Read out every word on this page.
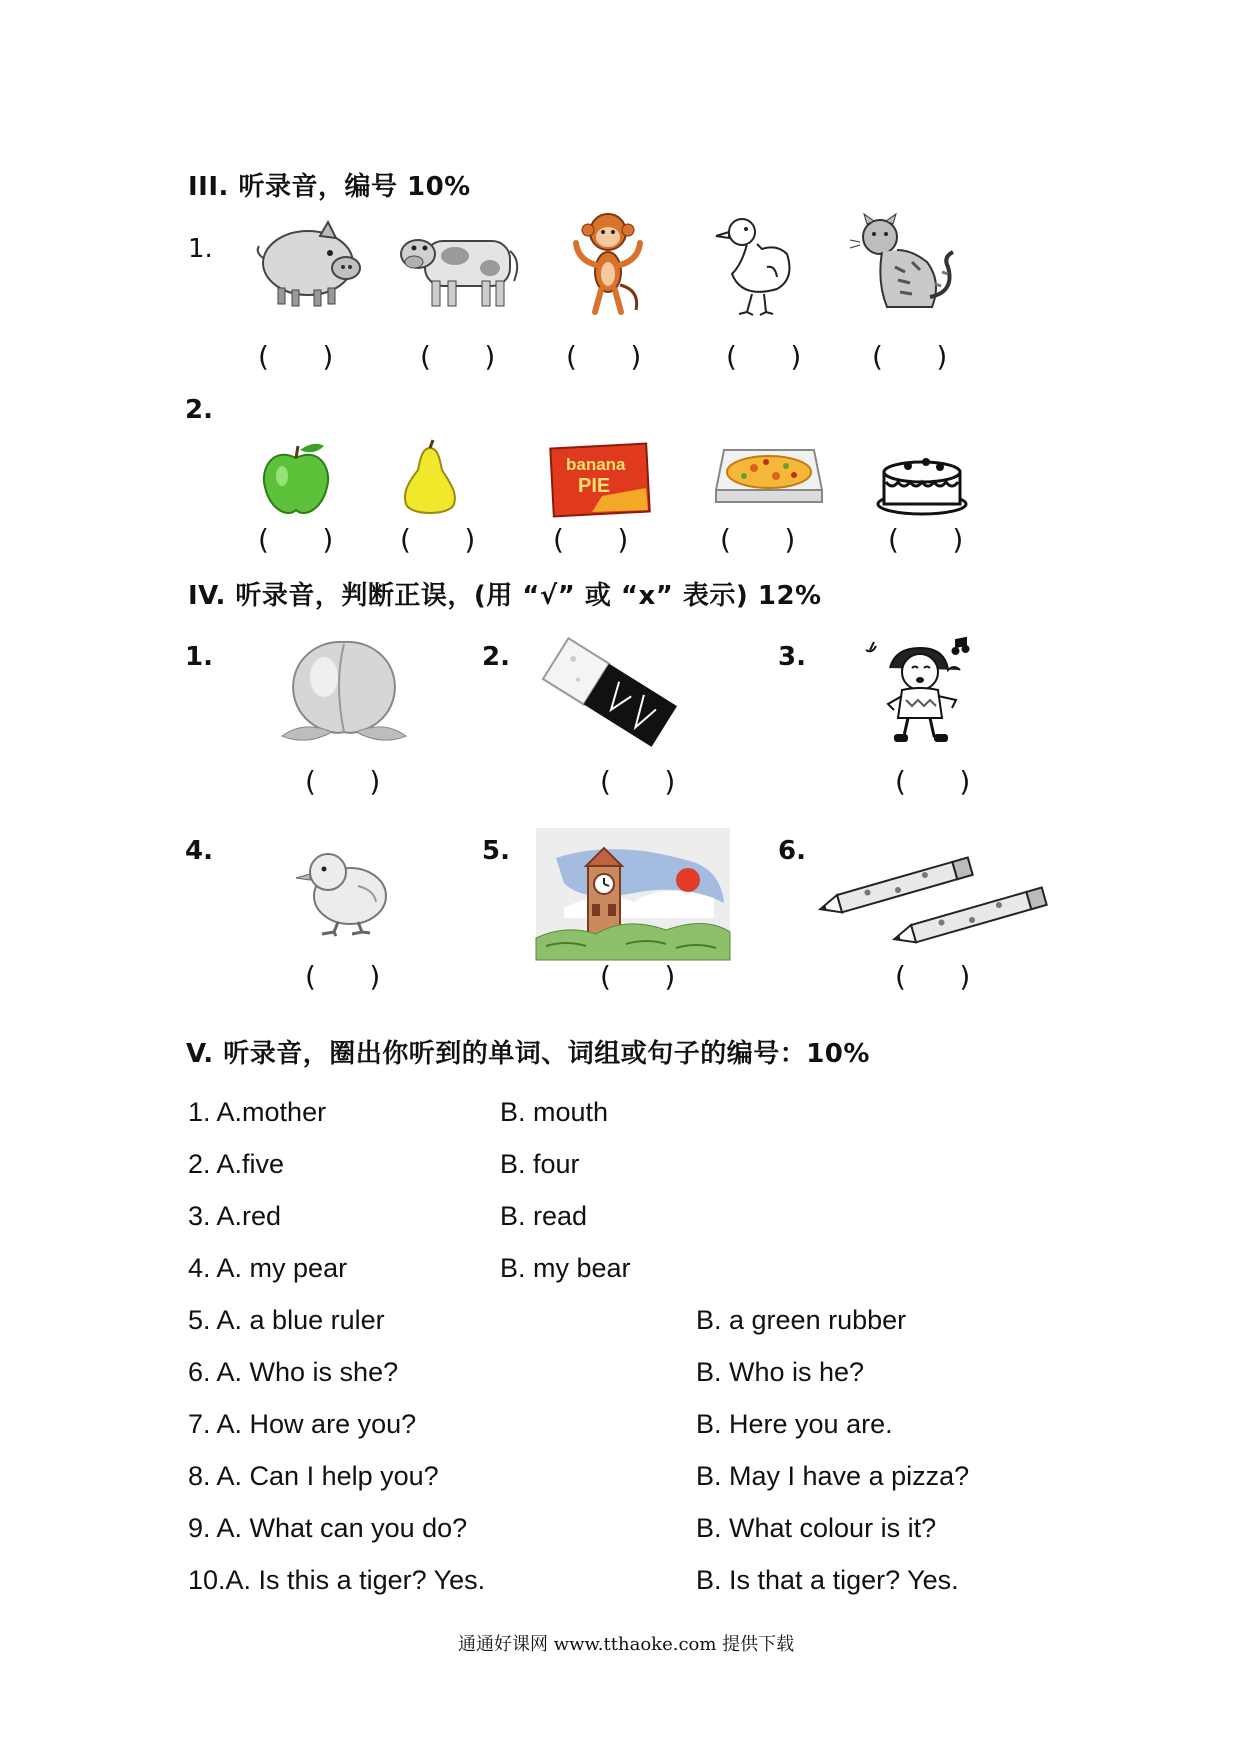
III. 听录音，编号 10%
1.
(      )	(      )	(      )	(      )	(      )
2.
banana
PIE
(      ) (      )	(      )	(      )	(      )
IV. 听录音，判断正误，(用 “√” 或 “x” 表示) 12%
1.	2.	3.
(      )	(      )	(      )
4.	5.	6.
(      )	(      )	(      )
V. 听录音，圈出你听到的单词、词组或句子的编号：10%
1. A.mother	B. mouth
2. A.five	B. four
3. A.red	B. read
4. A. my pear	B. my bear
5. A. a blue ruler	B. a green rubber
6. A. Who is she?	B. Who is he?
7. A. How are you?	B. Here you are.
8. A. Can I help you?	B. May I have a pizza?
9. A. What can you do?	B. What colour is it?
10.A. Is this a tiger? Yes.	B. Is that a tiger? Yes.
通通好课网 www.tthaoke.com 提供下载
